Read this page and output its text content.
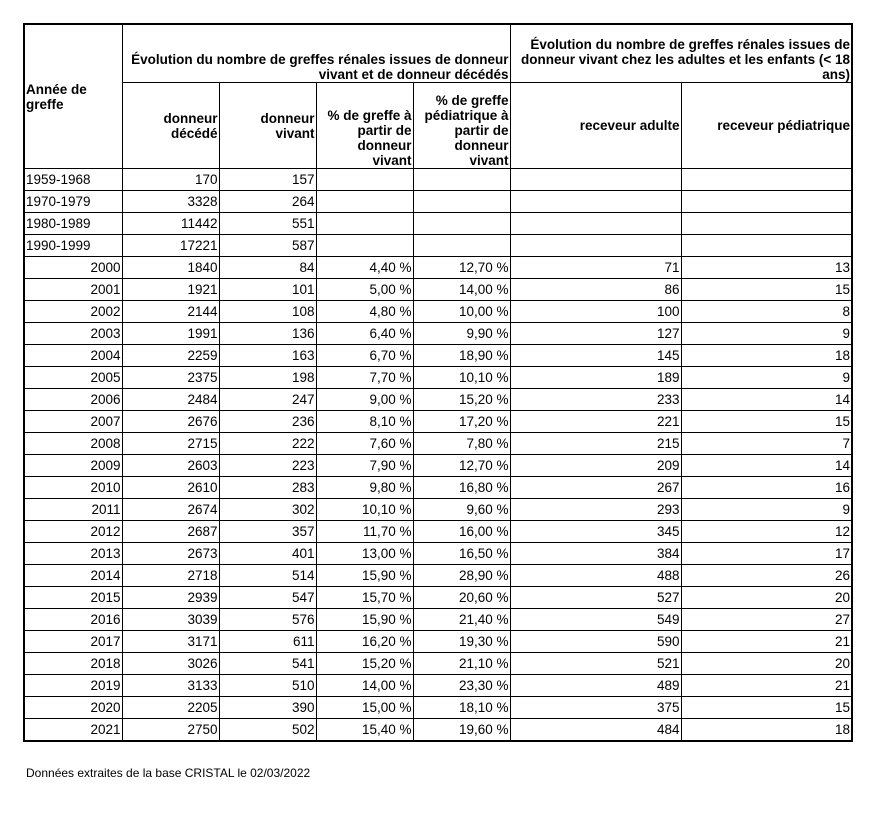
Année de greffe	Évolution du nombre de greffes rénales issues de donneur vivant et de donneur décédés				Évolution du nombre de greffes rénales issues de donneur vivant chez les adultes et les enfants (< 18 ans)	
	donneur décédé	donneur vivant	% de greffe à partir de donneur vivant	% de greffe pédiatrique à partir de donneur vivant	receveur adulte	receveur pédiatrique
1959-1968	170	157				
1970-1979	3328	264				
1980-1989	11442	551				
1990-1999	17221	587				
2000	1840	84	4,40 %	12,70 %	71	13
2001	1921	101	5,00 %	14,00 %	86	15
2002	2144	108	4,80 %	10,00 %	100	8
2003	1991	136	6,40 %	9,90 %	127	9
2004	2259	163	6,70 %	18,90 %	145	18
2005	2375	198	7,70 %	10,10 %	189	9
2006	2484	247	9,00 %	15,20 %	233	14
2007	2676	236	8,10 %	17,20 %	221	15
2008	2715	222	7,60 %	7,80 %	215	7
2009	2603	223	7,90 %	12,70 %	209	14
2010	2610	283	9,80 %	16,80 %	267	16
2011	2674	302	10,10 %	9,60 %	293	9
2012	2687	357	11,70 %	16,00 %	345	12
2013	2673	401	13,00 %	16,50 %	384	17
2014	2718	514	15,90 %	28,90 %	488	26
2015	2939	547	15,70 %	20,60 %	527	20
2016	3039	576	15,90 %	21,40 %	549	27
2017	3171	611	16,20 %	19,30 %	590	21
2018	3026	541	15,20 %	21,10 %	521	20
2019	3133	510	14,00 %	23,30 %	489	21
2020	2205	390	15,00 %	18,10 %	375	15
2021	2750	502	15,40 %	19,60 %	484	18
Données extraites de la base CRISTAL le 02/03/2022
